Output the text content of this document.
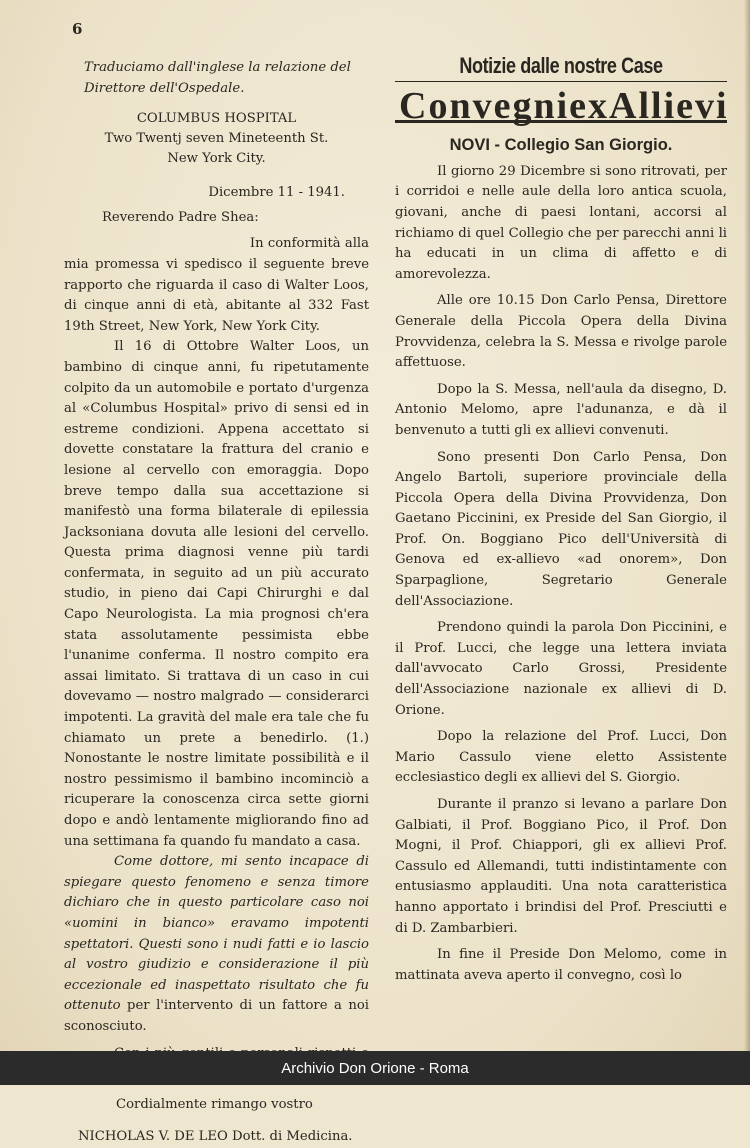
6

Traduciamo dall'inglese la relazione del Direttore dell'Ospedale.

COLUMBUS HOSPITAL
Two Twentj seven Mineteenth St.
New York City.

Dicembre 11 - 1941.

Reverendo Padre Shea:

In conformità alla

mia promessa vi spedisco il seguente breve rapporto che riguarda il caso di Walter Loos, di cinque anni di età, abitante al 332 Fast 19th Street, New York, New York City.

Il 16 di Ottobre Walter Loos, un bambino di cinque anni, fu ripetutamente colpito da un automobile e portato d'urgenza al «Columbus Hospital» privo di sensi ed in estreme condizioni. Appena accettato si dovette constatare la frattura del cranio e lesione al cervello con emoraggia. Dopo breve tempo dalla sua accettazione si manifestò una forma bilaterale di epilessia Jacksoniana dovuta alle lesioni del cervello. Questa prima diagnosi venne più tardi confermata, in seguito ad un più accurato studio, in pieno dai Capi Chirurghi e dal Capo Neurologista. La mia prognosi ch'era stata assolutamente pessimista ebbe l'unanime conferma. Il nostro compito era assai limitato. Si trattava di un caso in cui dovevamo — nostro malgrado — considerarci impotenti. La gravità del male era tale che fu chiamato un prete a benedirlo. (1.) Nonostante le nostre limitate possibilità e il nostro pessimismo il bambino incominciò a ricuperare la conoscenza circa sette giorni dopo e andò lentamente migliorando fino ad una settimana fa quando fu mandato a casa.

Come dottore, mi sento incapace di spiegare questo fenomeno e senza timore dichiaro che in questo particolare caso noi «uomini in bianco» eravamo impotenti spettatori. Questi sono i nudi fatti e io lascio al vostro giudizio e considerazione il più eccezionale ed inaspettato risultato che fu ottenuto per l'intervento di un fattore a noi sconosciuto.

Cordialmente rimango vostro

NICHOLAS V. DE LEO Dott. di Medicina.

Notizie dalle nostre Case
Convegni ex Allievi
NOVI - Collegio San Giorgio.

Il giorno 29 Dicembre si sono ritrovati, per i corridoi e nelle aule della loro antica scuola, giovani, anche di paesi lontani, accorsi al richiamo di quel Collegio che per parecchi anni li ha educati in un clima di affetto e di amorevolezza.

Alle ore 10.15 Don Carlo Pensa, Direttore Generale della Piccola Opera della Divina Provvidenza, celebra la S. Messa e rivolge parole affettuose.

Dopo la S. Messa, nell'aula da disegno, D. Antonio Melomo, apre l'adunanza, e dà il benvenuto a tutti gli ex allievi convenuti.

Sono presenti Don Carlo Pensa, Don Angelo Bartoli, superiore provinciale della Piccola Opera della Divina Provvidenza, Don Gaetano Piccinini, ex Preside del San Giorgio, il Prof. On. Boggiano Pico dell'Università di Genova ed ex-allievo «ad onorem», Don Sparpaglione, Segretario Generale dell'Associazione.

Prendono quindi la parola Don Piccinini, e il Prof. Lucci, che legge una lettera inviata dall'avvocato Carlo Grossi, Presidente dell'Associazione nazionale ex allievi di D. Orione.

Dopo la relazione del Prof. Lucci, Don Mario Cassulo viene eletto Assistente ecclesiastico degli ex allievi del S. Giorgio.

Durante il pranzo si levano a parlare Don Galbiati, il Prof. Boggiano Pico, il Prof. Don Mogni, il Prof. Chiappori, gli ex allievi Prof. Cassulo ed Allemandi, tutti indistintamente con entusiasmo applauditi. Una nota caratteristica hanno apportato i brindisi del Prof. Presciutti e di D. Zambarbieri.

In fine il Preside Don Melomo, come in mattinata aveva aperto il convegno, così lo

Archivio Don Orione - Roma
